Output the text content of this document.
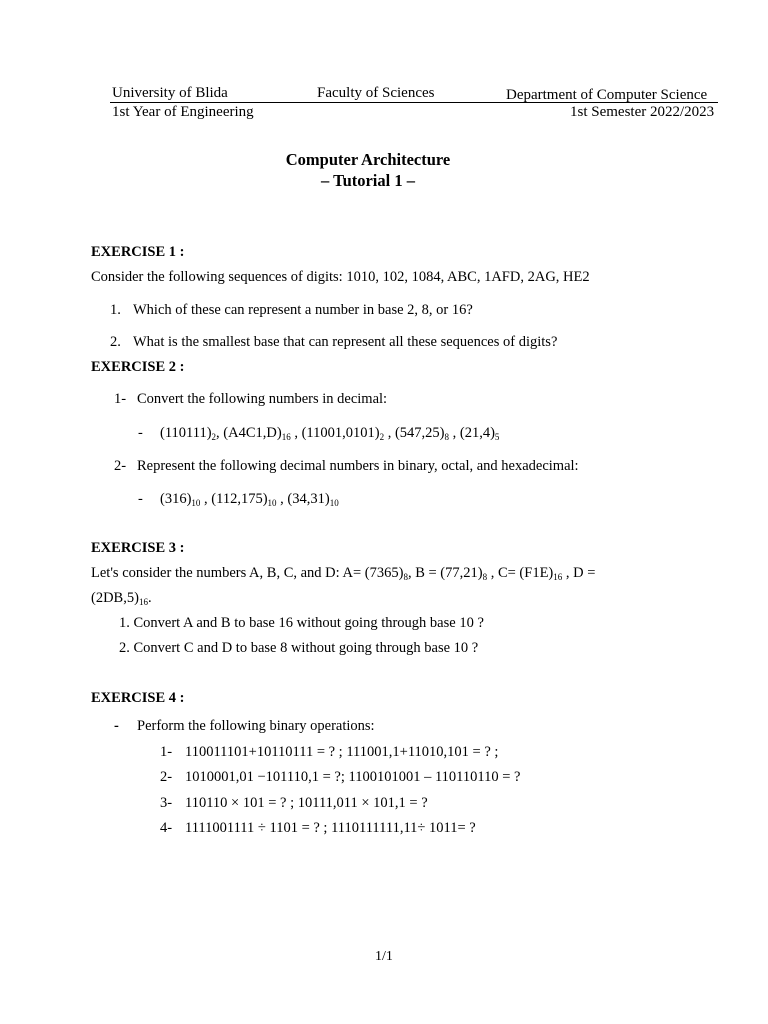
University of Blida	Faculty of Sciences	Department of Computer Science
1st Year of Engineering	1st Semester 2022/2023
Computer Architecture
– Tutorial 1 –
EXERCISE 1 :
Consider the following sequences of digits: 1010, 102, 1084, ABC, 1AFD, 2AG, HE2
1. Which of these can represent a number in base 2, 8, or 16?
2. What is the smallest base that can represent all these sequences of digits?
EXERCISE 2 :
1- Convert the following numbers in decimal:
- $(110111)_2$, $(A4C1,D)_{16}$ , $(11001,0101)_2$ , $(547,25)_8$ , $(21,4)_5$
2- Represent the following decimal numbers in binary, octal, and hexadecimal:
- $(316)_{10}$ , $(112,175)_{10}$ , $(34,31)_{10}$
EXERCISE 3 :
Let's consider the numbers A, B, C, and D: $A= (7365)_8$, $B = (77,21)_8$ , $C= (F1E)_{16}$ , D =
$(2DB,5)_{16}$.
1. Convert A and B to base 16 without going through base 10 ?
2. Convert C and D to base 8 without going through base 10 ?
EXERCISE 4 :
- Perform the following binary operations:
1- 110011101+10110111 = ? ; 111001,1+11010,101 = ? ;
2- 1010001,01 −101110,1 = ?; 1100101001 – 110110110 = ?
3- 110110 × 101 = ? ; 10111,011 × 101,1 = ?
4- 1111001111 ÷ 1101 = ? ; 1110111111,11÷ 1011= ?
1/1
